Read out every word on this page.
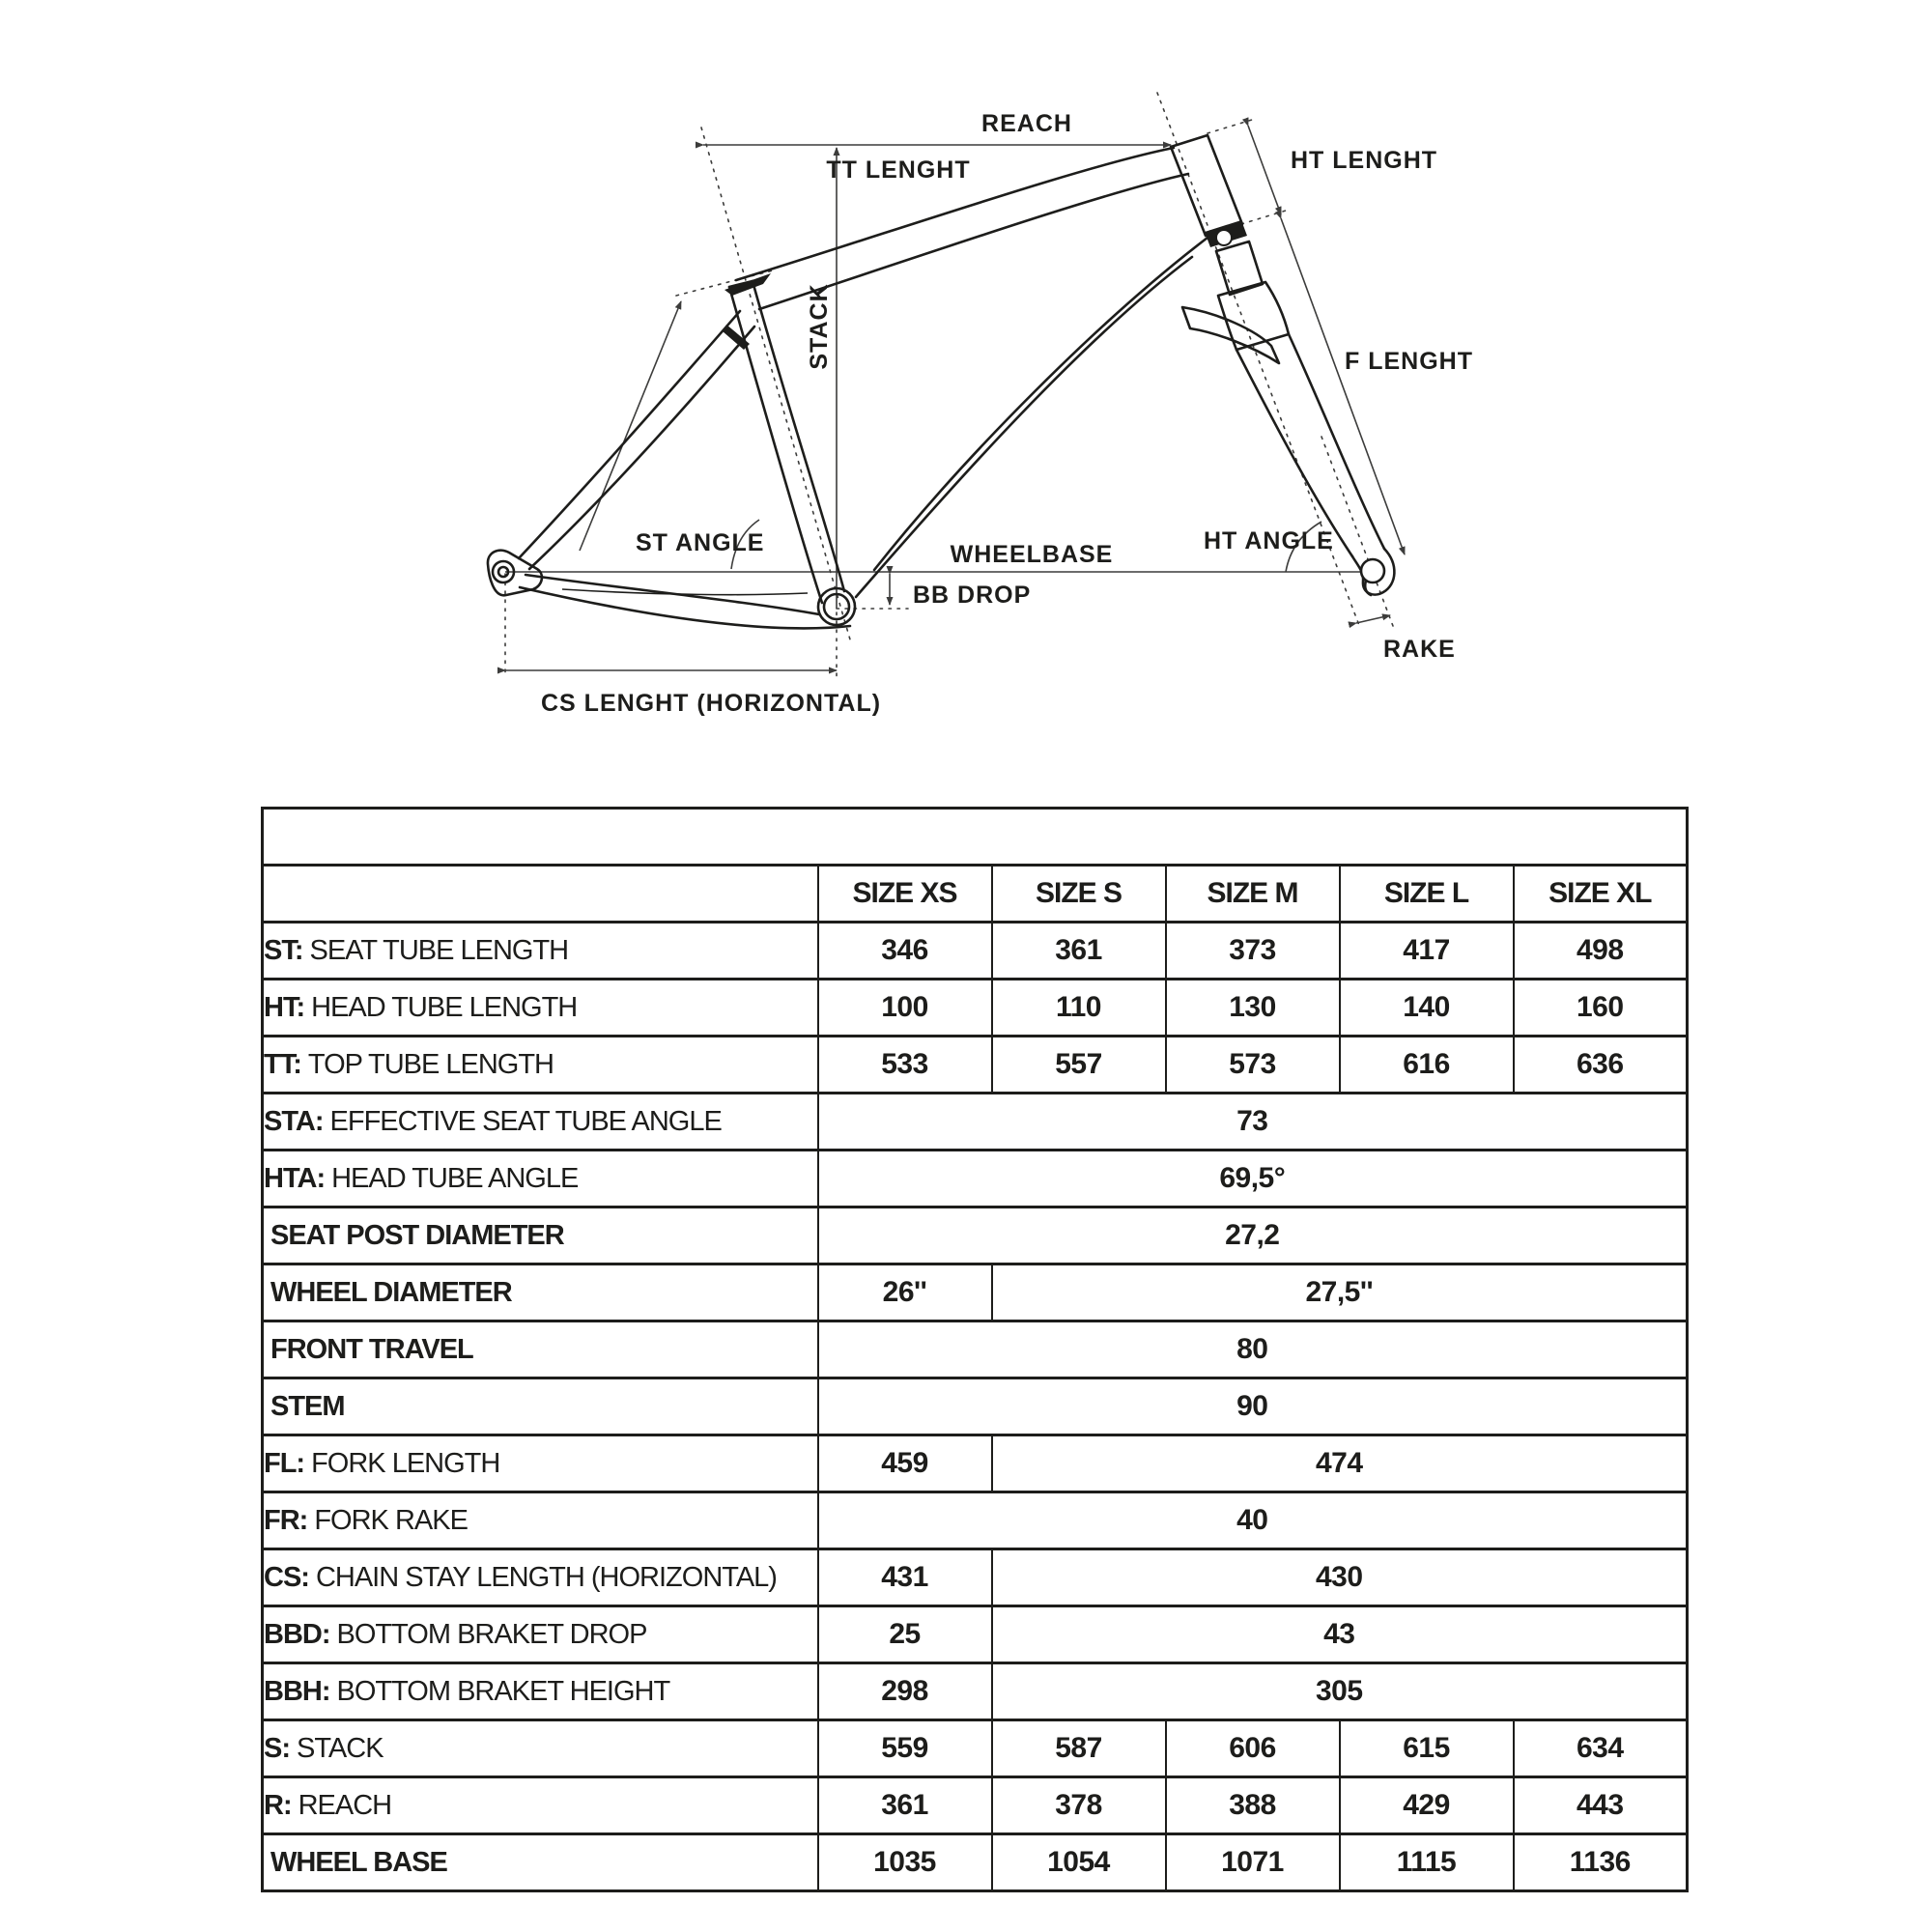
REACH
TT LENGHT	HT LENGHT
STACK	F LENGHT
ST ANGLE	WHEELBASE	HT ANGLE
BB DROP
RAKE
CS LENGHT (HORIZONTAL)
EXPL 50					
	SIZE XS	SIZE S	SIZE M	SIZE L	SIZE XL
ST: SEAT TUBE LENGTH	346	361	373	417	498
HT: HEAD TUBE LENGTH	100	110	130	140	160
TT: TOP TUBE LENGTH	533	557	573	616	636
STA: EFFECTIVE SEAT TUBE ANGLE	73				
HTA: HEAD TUBE ANGLE	69,5°				
SEAT POST DIAMETER	27,2				
WHEEL DIAMETER	26''	27,5''			
FRONT TRAVEL	80				
STEM	90				
FL: FORK LENGTH	459	474			
FR: FORK RAKE	40				
CS: CHAIN STAY LENGTH (HORIZONTAL)	431	430			
BBD: BOTTOM BRAKET DROP	25	43			
BBH: BOTTOM BRAKET HEIGHT	298	305			
S: STACK	559	587	606	615	634
R: REACH	361	378	388	429	443
WHEEL BASE	1035	1054	1071	1115	1136
